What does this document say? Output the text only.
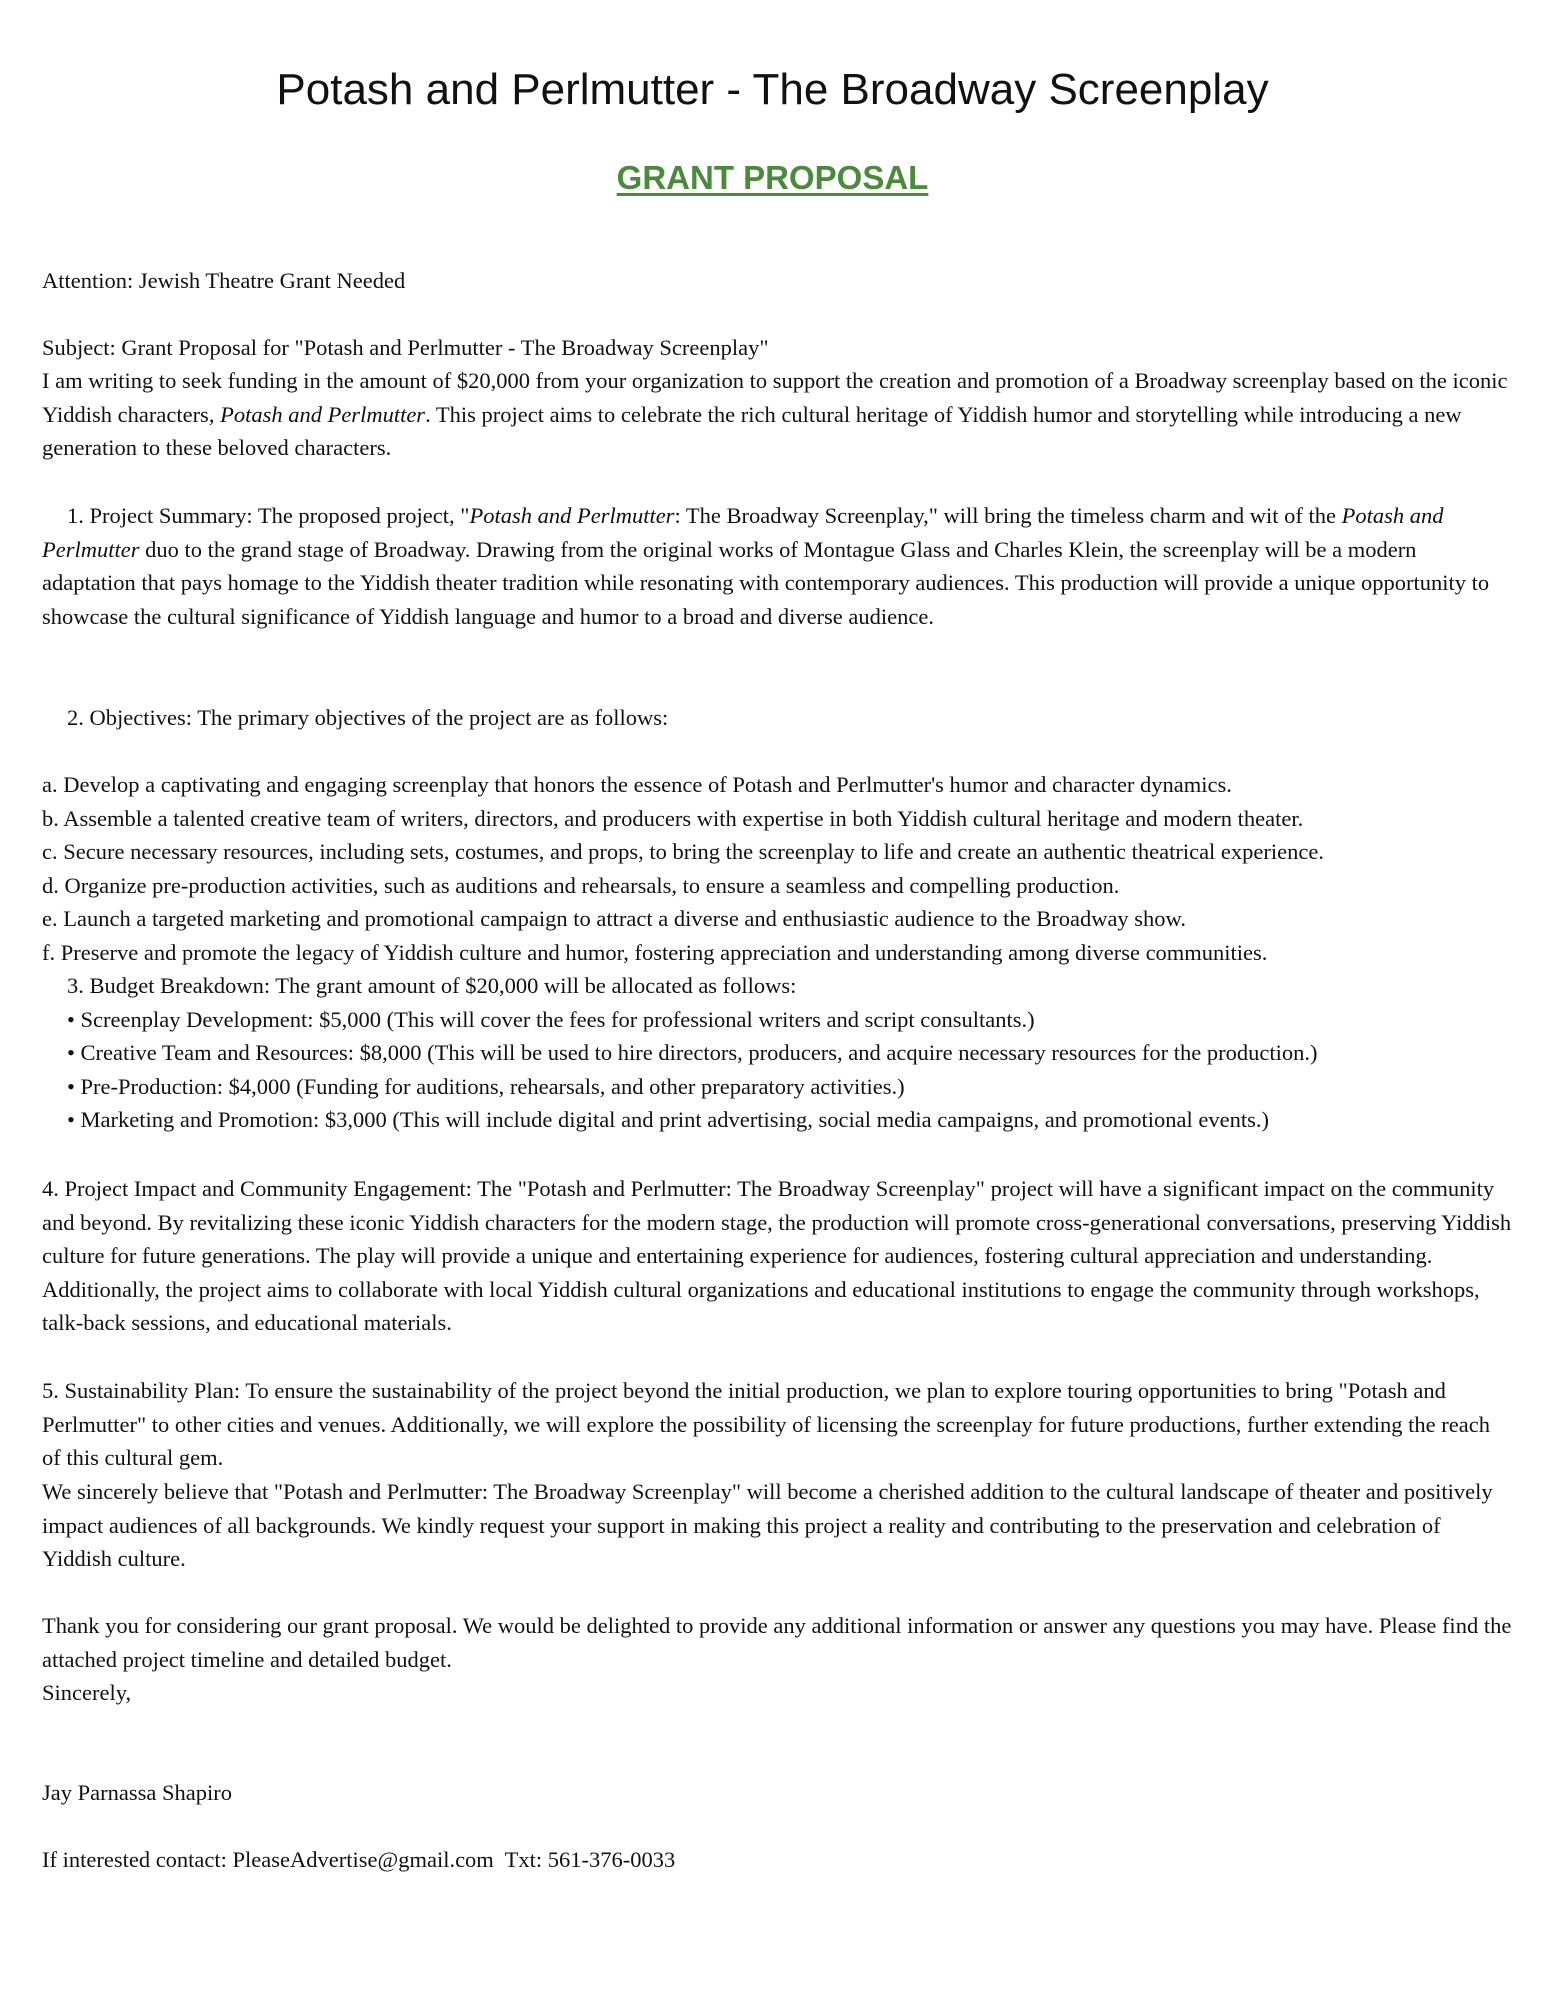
Potash and Perlmutter - The Broadway Screenplay
GRANT PROPOSAL

Attention: Jewish Theatre Grant Needed

Subject: Grant Proposal for "Potash and Perlmutter - The Broadway Screenplay"

I am writing to seek funding in the amount of $20,000 from your organization to support the creation and promotion of a Broadway screenplay based on the iconic Yiddish characters, Potash and Perlmutter. This project aims to celebrate the rich cultural heritage of Yiddish humor and storytelling while introducing a new generation to these beloved characters.

1. Project Summary: The proposed project, "Potash and Perlmutter: The Broadway Screenplay," will bring the timeless charm and wit of the Potash and Perlmutter duo to the grand stage of Broadway. Drawing from the original works of Montague Glass and Charles Klein, the screenplay will be a modern adaptation that pays homage to the Yiddish theater tradition while resonating with contemporary audiences. This production will provide a unique opportunity to showcase the cultural significance of Yiddish language and humor to a broad and diverse audience.

2. Objectives: The primary objectives of the project are as follows:

a. Develop a captivating and engaging screenplay that honors the essence of Potash and Perlmutter's humor and character dynamics.
b. Assemble a talented creative team of writers, directors, and producers with expertise in both Yiddish cultural heritage and modern theater.
c. Secure necessary resources, including sets, costumes, and props, to bring the screenplay to life and create an authentic theatrical experience.
d. Organize pre-production activities, such as auditions and rehearsals, to ensure a seamless and compelling production.
e. Launch a targeted marketing and promotional campaign to attract a diverse and enthusiastic audience to the Broadway show.
f. Preserve and promote the legacy of Yiddish culture and humor, fostering appreciation and understanding among diverse communities.
3. Budget Breakdown: The grant amount of $20,000 will be allocated as follows:
• Screenplay Development: $5,000 (This will cover the fees for professional writers and script consultants.)
• Creative Team and Resources: $8,000 (This will be used to hire directors, producers, and acquire necessary resources for the production.)
• Pre-Production: $4,000 (Funding for auditions, rehearsals, and other preparatory activities.)
• Marketing and Promotion: $3,000 (This will include digital and print advertising, social media campaigns, and promotional events.)

4. Project Impact and Community Engagement: The "Potash and Perlmutter: The Broadway Screenplay" project will have a significant impact on the community and beyond. By revitalizing these iconic Yiddish characters for the modern stage, the production will promote cross-generational conversations, preserving Yiddish culture for future generations. The play will provide a unique and entertaining experience for audiences, fostering cultural appreciation and understanding. Additionally, the project aims to collaborate with local Yiddish cultural organizations and educational institutions to engage the community through workshops, talk-back sessions, and educational materials.

5. Sustainability Plan: To ensure the sustainability of the project beyond the initial production, we plan to explore touring opportunities to bring "Potash and Perlmutter" to other cities and venues. Additionally, we will explore the possibility of licensing the screenplay for future productions, further extending the reach of this cultural gem.

We sincerely believe that "Potash and Perlmutter: The Broadway Screenplay" will become a cherished addition to the cultural landscape of theater and positively impact audiences of all backgrounds. We kindly request your support in making this project a reality and contributing to the preservation and celebration of Yiddish culture.

Thank you for considering our grant proposal. We would be delighted to provide any additional information or answer any questions you may have. Please find the attached project timeline and detailed budget.

Sincerely,

Jay Parnassa Shapiro

If interested contact: PleaseAdvertise@gmail.com  Txt: 561-376-0033
